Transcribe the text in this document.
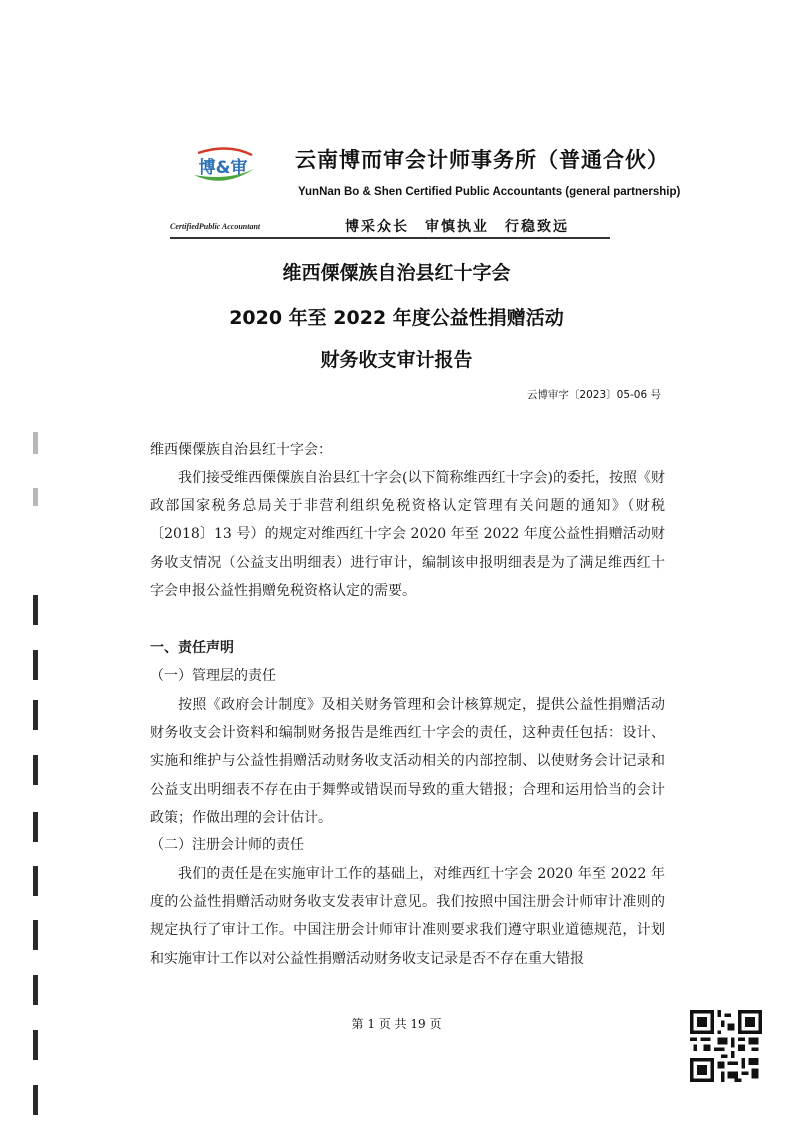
博&审 云南博而审会计师事务所（普通合伙）
YunNan Bo & Shen Certified Public Accountants (general partnership)
CertifiedPublic Accountant	博采众长 审慎执业 行稳致远
维西傈僳族自治县红十字会
2020 年至 2022 年度公益性捐赠活动
财务收支审计报告
云博审字〔2023〕05-06 号
维西傈僳族自治县红十字会：
我们接受维西傈僳族自治县红十字会(以下简称维西红十字会)的委托，按照《财政部国家税务总局关于非营利组织免税资格认定管理有关问题的通知》（财税〔2018〕13 号）的规定对维西红十字会 2020 年至 2022 年度公益性捐赠活动财务收支情况（公益支出明细表）进行审计，编制该申报明细表是为了满足维西红十字会申报公益性捐赠免税资格认定的需要。
一、责任声明
（一）管理层的责任
按照《政府会计制度》及相关财务管理和会计核算规定，提供公益性捐赠活动财务收支会计资料和编制财务报告是维西红十字会的责任，这种责任包括：设计、实施和维护与公益性捐赠活动财务收支活动相关的内部控制、以使财务会计记录和公益支出明细表不存在由于舞弊或错误而导致的重大错报；合理和运用恰当的会计政策；作做出理的会计估计。
（二）注册会计师的责任
我们的责任是在实施审计工作的基础上，对维西红十字会 2020 年至 2022 年度的公益性捐赠活动财务收支发表审计意见。我们按照中国注册会计师审计准则的规定执行了审计工作。中国注册会计师审计准则要求我们遵守职业道德规范，计划和实施审计工作以对公益性捐赠活动财务收支记录是否不存在重大错报
第 1 页 共 19 页
